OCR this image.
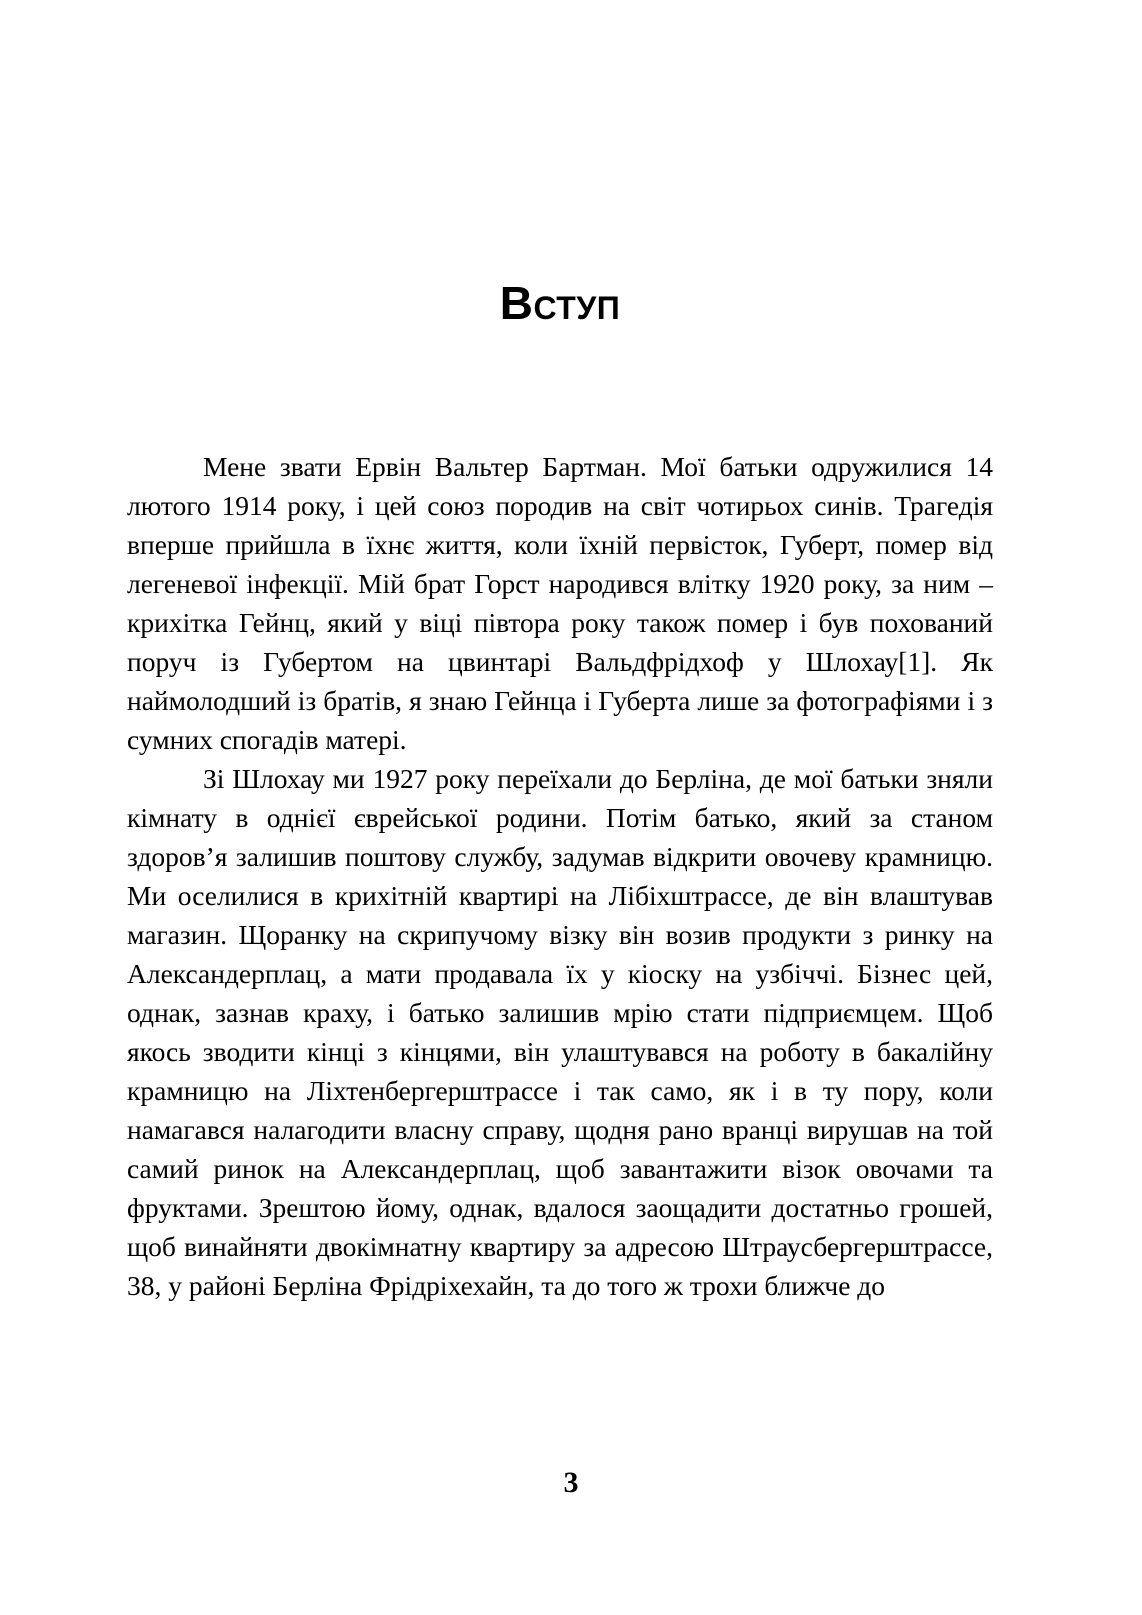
Вступ

Мене звати Ервін Вальтер Бартман. Мої батьки одружилися 14 лютого 1914 року, і цей союз породив на світ чотирьох синів. Трагедія вперше прийшла в їхнє життя, коли їхній первісток, Губерт, помер від легеневої інфекції. Мій брат Горст народився влітку 1920 року, за ним – крихітка Гейнц, який у віці півтора року також помер і був похований поруч із Губертом на цвинтарі Вальдфрідхоф у Шлохау[1]. Як наймолодший із братів, я знаю Гейнца і Губерта лише за фотографіями і з сумних спогадів матері.

Зі Шлохау ми 1927 року переїхали до Берліна, де мої батьки зняли кімнату в однієї єврейської родини. Потім батько, який за станом здоров’я залишив поштову службу, задумав відкрити овочеву крамницю. Ми оселилися в крихітній квартирі на Лібіхштрассе, де він влаштував магазин. Щоранку на скрипучому візку він возив продукти з ринку на Александерплац, а мати продавала їх у кіоску на узбіччі. Бізнес цей, однак, зазнав краху, і батько залишив мрію стати підприємцем. Щоб якось зводити кінці з кінцями, він улаштувався на роботу в бакалійну крамницю на Ліхтенбергерштрассе і так само, як і в ту пору, коли намагався налагодити власну справу, щодня рано вранці вирушав на той самий ринок на Александерплац, щоб завантажити візок овочами та фруктами. Зрештою йому, однак, вдалося заощадити достатньо грошей, щоб винайняти двокімнатну квартиру за адресою Штраусбергерштрассе, 38, у районі Берліна Фрідріхехайн, та до того ж трохи ближче до

3
